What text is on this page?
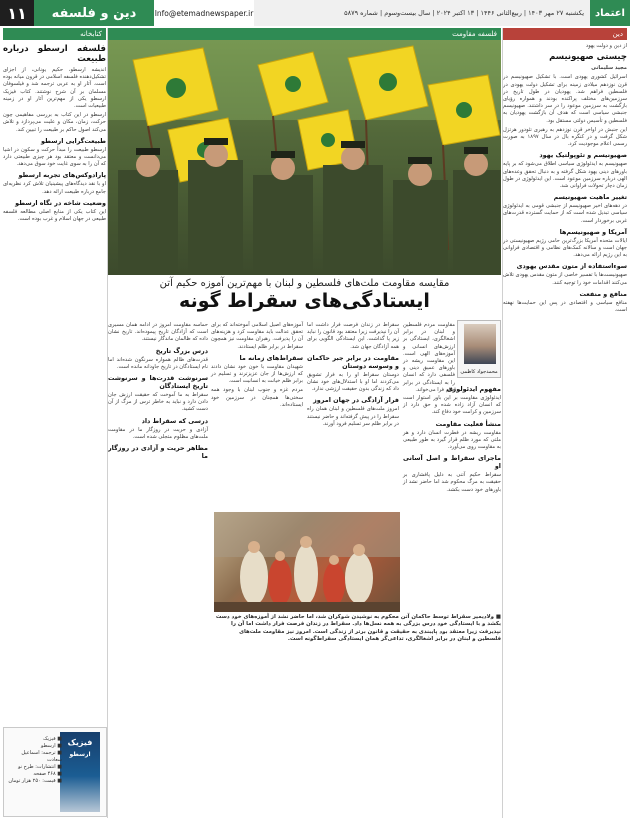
۱۱	دین و فلسفه	Info@etemadnewspaper.ir	یکشنبه ۲۷ مهر ۱۴۰۳ | ربیع‌الثانی ۱۴۴۶ | ۱۳ اکتبر ۲۰۲۴ | سال بیست‌وسوم | شماره ۵۸۷۹	اعتماد
دین
از دین و دولت یهود
چیستی صهیونیسم
مجید سلیمانی
اسرائیل کشوری یهودی است. با تشکیل صهیونیسم در قرن نوزدهم میلادی زمینه برای تشکیل دولت یهودی در فلسطین فراهم شد. یهودیان در طول تاریخ در سرزمین‌های مختلف پراکنده بودند و همواره رؤیای بازگشت به سرزمین موعود را در سر داشتند. صهیونیسم جنبشی سیاسی است که هدف آن بازگشت یهودیان به فلسطین و تأسیس دولتی مستقل بود.
این جنبش در اواخر قرن نوزدهم به رهبری تئودور هرتزل شکل گرفت و در کنگره بال در سال ۱۸۹۷ به صورت رسمی اعلام موجودیت کرد.
صهیونیسم و تئوپولتیک یهود
صهیونیسم به ایدئولوژی سیاسی اطلاق می‌شود که بر پایه باورهای دینی یهود شکل گرفته و به دنبال تحقق وعده‌های الهی درباره سرزمین موعود است. این ایدئولوژی در طول زمان دچار تحولات فراوانی شد.
تغییر ماهیت صهیونیسم
در دهه‌های اخیر صهیونیسم از جنبشی قومی به ایدئولوژی سیاسی تبدیل شده است که از حمایت گسترده قدرت‌های غربی برخوردار است.
آمریکا و صهیونیسم‌ها
ایالات متحده آمریکا بزرگ‌ترین حامی رژیم صهیونیستی در جهان است و سالانه کمک‌های نظامی و اقتصادی فراوانی به این رژیم ارائه می‌دهد.
سوءاستفاده از متون مقدس یهودی
صهیونیست‌ها با تفسیر خاصی از متون مقدس یهودی تلاش می‌کنند اقدامات خود را توجیه کنند.
منافع و منفعت
منافع سیاسی و اقتصادی در پس این حمایت‌ها نهفته است.
فلسفه مقاومت
مقایسه مقاومت ملت‌های فلسطین و لبنان با مهم‌ترین آموزه حکیم آتن
ایستادگی‌های سقراط گونه
مقاومت مردم فلسطین و لبنان در برابر اشغالگری، ایستادگی بر ارزش‌های انسانی و آموزه‌های الهی است. این مقاومت ریشه در باورهای عمیق دینی و فلسفی دارد که انسان را به ایستادگی در برابر ظلم فرا می‌خواند.
محمدجواد کاظمی
مفهوم ایدئولوژی
ایدئولوژی مقاومت بر این باور استوار است که انسان آزاد زاده شده و حق دارد از سرزمین و کرامت خود دفاع کند.
منشأ فعلیت مقاومت
مقاومت ریشه در فطرت انسان دارد و هر ملتی که مورد ظلم قرار گیرد به طور طبیعی به مقاومت روی می‌آورد.
ماجرای سقراط و اصل آسانی او
سقراط حکیم آتنی به دلیل پافشاری بر حقیقت به مرگ محکوم شد اما حاضر نشد از باورهای خود دست بکشد.
سقراط در زندان فرصت فرار داشت اما آن را نپذیرفت زیرا معتقد بود قانون را نباید زیر پا گذاشت. این ایستادگی الگویی برای همه آزادگان جهان شد.
مقاومت در برابر جبر حاکمان و وسوسه دوستان
دوستان سقراط او را به فرار تشویق می‌کردند اما او با استدلال‌های خود نشان داد که زندگی بدون حقیقت ارزشی ندارد.
فرار آزادگی در جهان امروز
امروز ملت‌های فلسطین و لبنان همان راه سقراط را در پیش گرفته‌اند و حاضر نیستند در برابر ظلم سر تسلیم فرود آورند.
آموزه‌های اصیل اسلامی آموخته‌اند که برای تحقق عدالت باید مقاومت کرد و هزینه‌های آن را پذیرفت. رهبران مقاومت نیز همچون سقراط در برابر ظلم ایستادند.
سقراط‌های زمانه ما
شهیدان مقاومت با خون خود نشان دادند که ارزش‌ها از جان عزیزترند و تسلیم در برابر ظلم خیانت به انسانیت است.
مردم غزه و جنوب لبنان با وجود همه سختی‌ها همچنان در سرزمین خود ایستاده‌اند.
حماسه مقاومت امروز در ادامه همان مسیری است که آزادگان تاریخ پیموده‌اند. تاریخ نشان داده که ظالمان ماندگار نیستند.
درس بزرگ تاریخ
قدرت‌های ظالم همواره سرنگون شده‌اند اما نام ایستادگان در تاریخ جاودانه مانده است.
سرنوشت قدرت‌ها و سرنوشت تاریخ ایستادگان
سقراط به ما آموخت که حقیقت ارزش جان دادن دارد و نباید به خاطر ترس از مرگ از آن دست کشید.
درسی که سقراط داد
آزادی و حریت در روزگار ما در مقاومت ملت‌های مظلوم متجلی شده است.
مظاهر حریت و آزادی در روزگار ما
■ ولادیمیر سقراط توسط حاکمان آتن محکوم به نوشیدن شوکران شد، اما حاضر نشد از آموزه‌های خود دست بکشد و با ایستادگی خود درس بزرگی به همه نسل‌ها داد. سقراط در زندان فرصت فرار داشت اما آن را نپذیرفت زیرا معتقد بود پایبندی به حقیقت و قانون برتر از زندگی است. امروز نیز مقاومت ملت‌های فلسطین و لبنان در برابر اشغالگری، تداعی‌گر همان ایستادگی سقراط‌گونه است.
کتابخانه
فلسفه ارسطو درباره طبیعت
اندیشه ارسطو، حکیم یونانی، از اجزای تشکیل‌دهنده فلسفه اسلامی در قرون میانه بوده است. آثار او به عربی ترجمه شد و فیلسوفان مسلمان بر آن شرح نوشتند. کتاب فیزیک ارسطو یکی از مهم‌ترین آثار او در زمینه طبیعیات است.
ارسطو در این کتاب به بررسی مفاهیمی چون حرکت، زمان، مکان و علیت می‌پردازد و تلاش می‌کند اصول حاکم بر طبیعت را تبیین کند.
طبیعت‌گرایی ارسطو
ارسطو طبیعت را مبدأ حرکت و سکون در اشیا می‌دانست و معتقد بود هر چیزی طبیعتی دارد که آن را به سوی غایت خود سوق می‌دهد.
پارادوکس‌های تجربه ارسطو
او با نقد دیدگاه‌های پیشینیان تلاش کرد نظریه‌ای جامع درباره طبیعت ارائه دهد.
وضعیت شاخه در نگاه ارسطو
این کتاب یکی از منابع اصلی مطالعه فلسفه طبیعی در جهان اسلام و غرب بوده است.
فیزیک
ارسطو
■ فیزیک
■ ارسطو
■ ترجمه: اسماعیل سعادت
■ انتشارات: طرح نو
■ ۴۶۸ صفحه
■ قیمت: ۲۵۰ هزار تومان
